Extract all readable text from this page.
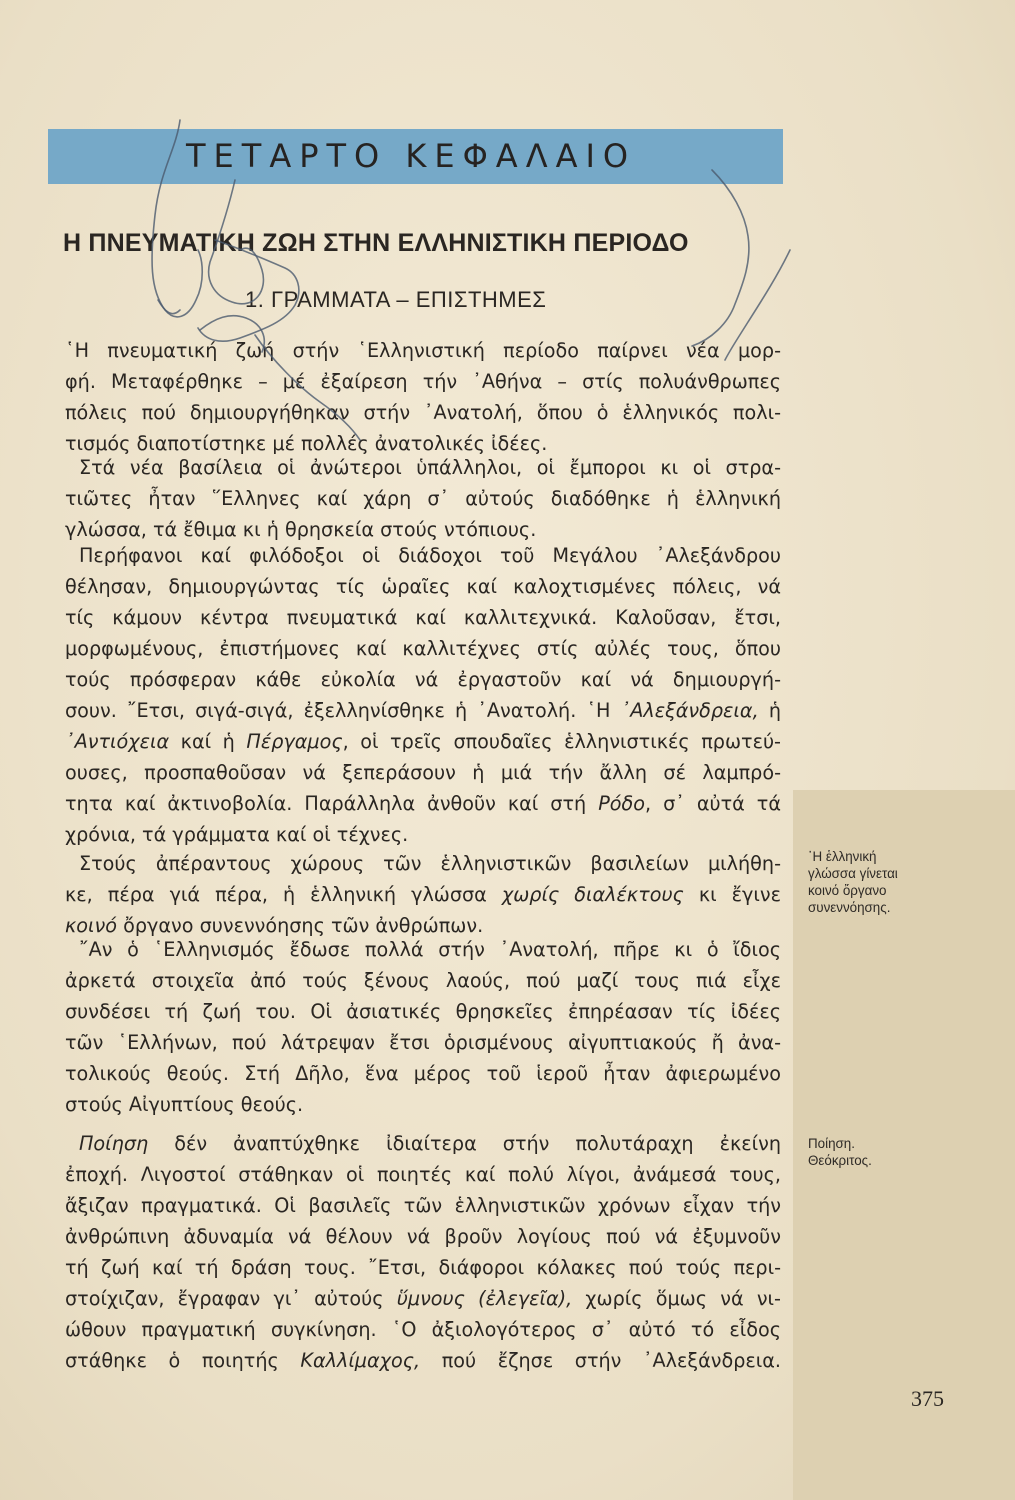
ΤΕΤΑΡΤΟ ΚΕΦΑΛΑΙΟ
Η ΠΝΕΥΜΑΤΙΚΗ ΖΩΗ ΣΤΗΝ ΕΛΛΗΝΙΣΤΙΚΗ ΠΕΡΙΟΔΟ
1. ΓΡΑΜΜΑΤΑ – ΕΠΙΣΤΗΜΕΣ
῾Η πνευματική ζωή στήν ῾Ελληνιστική περίοδο παίρνει νέα μορ-
φή. Μεταφέρθηκε – μέ ἐξαίρεση τήν ᾿Αθήνα – στίς πολυάνθρωπες
πόλεις πού δημιουργήθηκαν στήν ᾿Ανατολή, ὅπου ὁ ἑλληνικός πολι-
τισμός διαποτίστηκε μέ πολλές ἀνατολικές ἰδέες.
Στά νέα βασίλεια οἱ ἀνώτεροι ὑπάλληλοι, οἱ ἔμποροι κι οἱ στρα-
τιῶτες ἦταν ῞Ελληνες καί χάρη σ᾿ αὐτούς διαδόθηκε ἡ ἑλληνική
γλώσσα, τά ἔθιμα κι ἡ θρησκεία στούς ντόπιους.
Περήφανοι καί φιλόδοξοι οἱ διάδοχοι τοῦ Μεγάλου ᾿Αλεξάνδρου
θέλησαν, δημιουργώντας τίς ὡραῖες καί καλοχτισμένες πόλεις, νά
τίς κάμουν κέντρα πνευματικά καί καλλιτεχνικά. Καλοῦσαν, ἔτσι,
μορφωμένους, ἐπιστήμονες καί καλλιτέχνες στίς αὐλές τους, ὅπου
τούς πρόσφεραν κάθε εὐκολία νά ἐργαστοῦν καί νά δημιουργή-
σουν. ῎Ετσι, σιγά-σιγά, ἐξελληνίσθηκε ἡ ᾿Ανατολή. ῾Η ᾿Αλεξάνδρεια, ἡ
᾿Αντιόχεια καί ἡ Πέργαμος, οἱ τρεῖς σπουδαῖες ἑλληνιστικές πρωτεύ-
ουσες, προσπαθοῦσαν νά ξεπεράσουν ἡ μιά τήν ἄλλη σέ λαμπρό-
τητα καί ἀκτινοβολία. Παράλληλα ἀνθοῦν καί στή Ρόδο, σ᾿ αὐτά τά
χρόνια, τά γράμματα καί οἱ τέχνες.
Στούς ἀπέραντους χώρους τῶν ἑλληνιστικῶν βασιλείων μιλήθη-
κε, πέρα γιά πέρα, ἡ ἑλληνική γλώσσα χωρίς διαλέκτους κι ἔγινε
κοινό ὄργανο συνεννόησης τῶν ἀνθρώπων.
῎Αν ὁ ῾Ελληνισμός ἔδωσε πολλά στήν ᾿Ανατολή, πῆρε κι ὁ ἴδιος
ἀρκετά στοιχεῖα ἀπό τούς ξένους λαούς, πού μαζί τους πιά εἶχε
συνδέσει τή ζωή του. Οἱ ἀσιατικές θρησκεῖες ἐπηρέασαν τίς ἰδέες
τῶν ῾Ελλήνων, πού λάτρεψαν ἔτσι ὁρισμένους αἰγυπτιακούς ἤ ἀνα-
τολικούς θεούς. Στή Δῆλο, ἕνα μέρος τοῦ ἱεροῦ ἦταν ἀφιερωμένο
στούς Αἰγυπτίους θεούς.
Ποίηση δέν ἀναπτύχθηκε ἰδιαίτερα στήν πολυτάραχη ἐκείνη
ἐποχή. Λιγοστοί στάθηκαν οἱ ποιητές καί πολύ λίγοι, ἀνάμεσά τους,
ἄξιζαν πραγματικά. Οἱ βασιλεῖς τῶν ἑλληνιστικῶν χρόνων εἶχαν τήν
ἀνθρώπινη ἀδυναμία νά θέλουν νά βροῦν λογίους πού νά ἐξυμνοῦν
τή ζωή καί τή δράση τους. ῎Ετσι, διάφοροι κόλακες πού τούς περι-
στοίχιζαν, ἔγραφαν γι᾿ αὐτούς ὕμνους (ἐλεγεῖα), χωρίς ὅμως νά νι-
ώθουν πραγματική συγκίνηση. ῾Ο ἀξιολογότερος σ᾿ αὐτό τό εἶδος
στάθηκε ὁ ποιητής Καλλίμαχος, πού ἔζησε στήν ᾿Αλεξάνδρεια.
῾Η ἑλληνική
γλώσσα γίνεται
κοινό ὄργανο
συνεννόησης.
Ποίηση.
Θεόκριτος.
375
